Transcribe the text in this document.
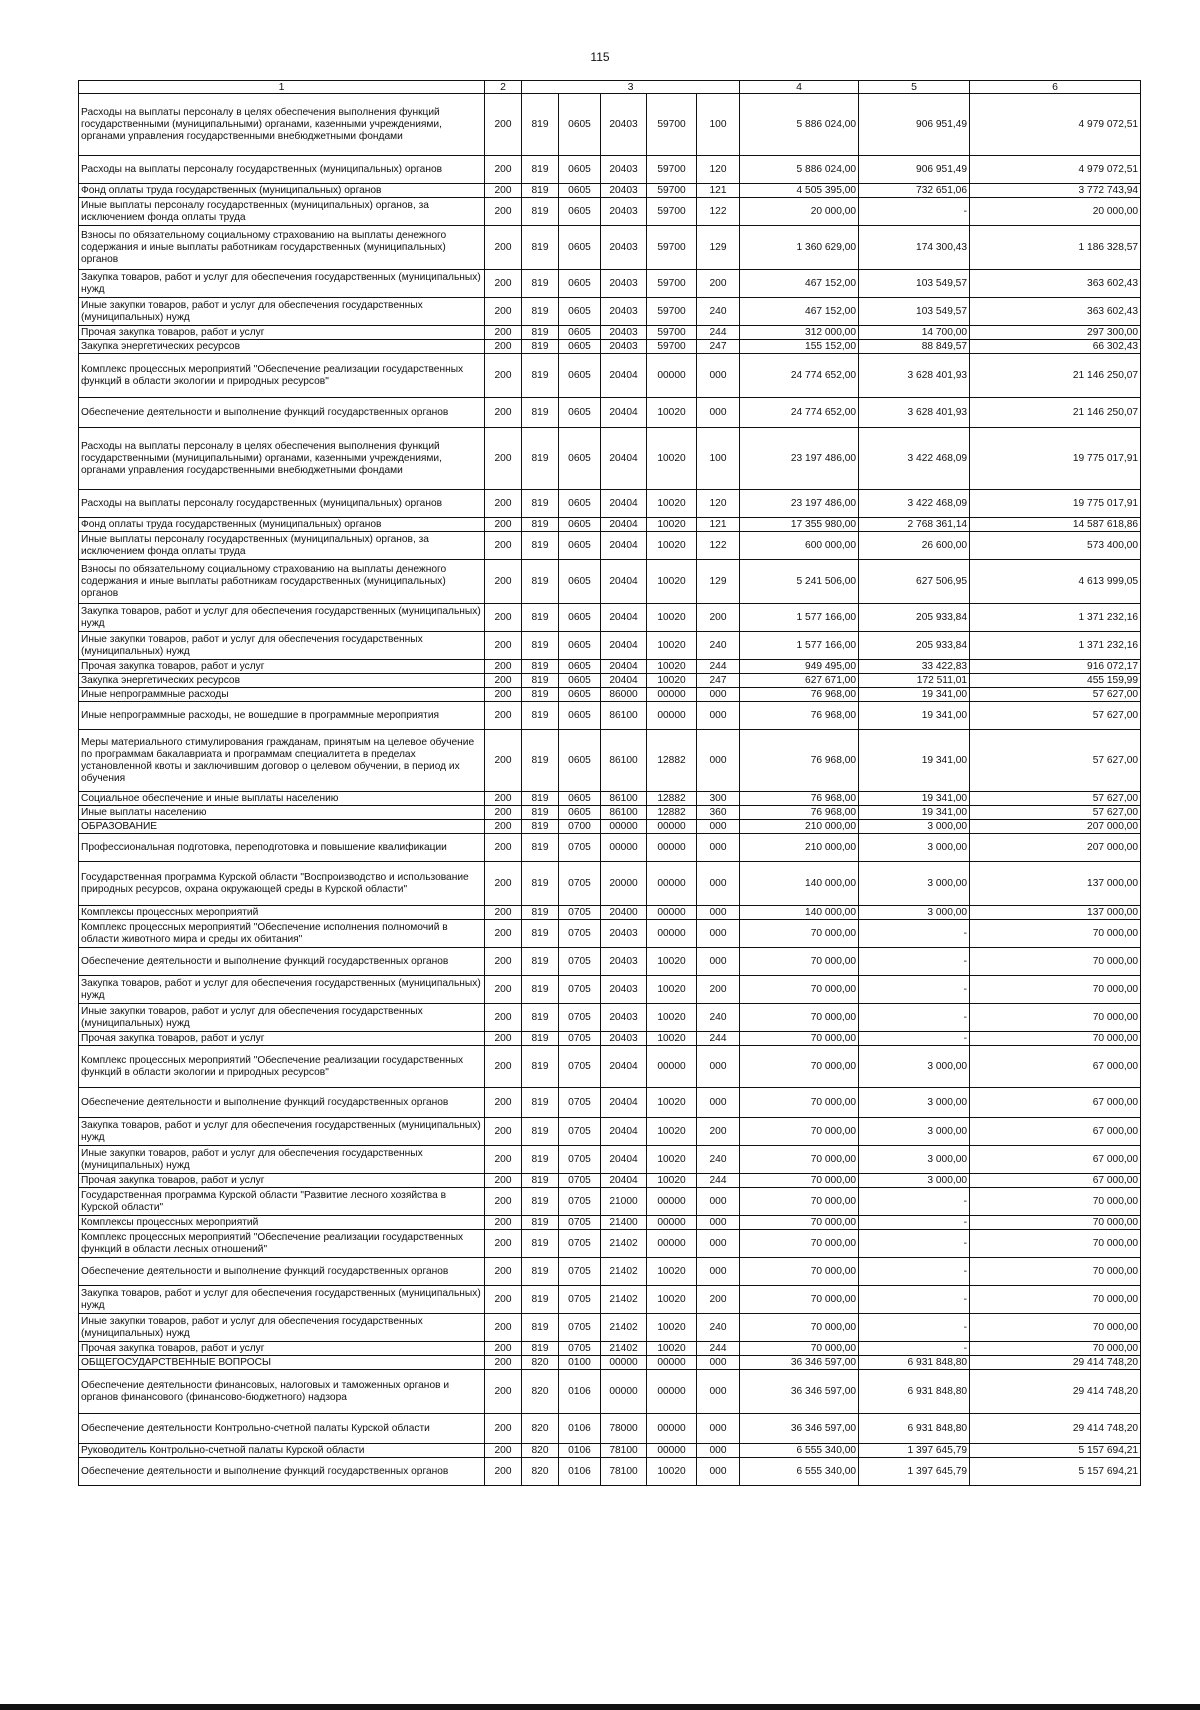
115
1	2	3					4	5	6
Расходы на выплаты персоналу в целях обеспечения выполнения функций государственными (муниципальными) органами, казенными учреждениями, органами управления государственными внебюджетными фондами	200	819	0605	20403	59700	100	5 886 024,00	906 951,49	4 979 072,51
Расходы на выплаты персоналу государственных (муниципальных) органов	200	819	0605	20403	59700	120	5 886 024,00	906 951,49	4 979 072,51
Фонд оплаты труда государственных (муниципальных) органов	200	819	0605	20403	59700	121	4 505 395,00	732 651,06	3 772 743,94
Иные выплаты персоналу государственных (муниципальных) органов, за исключением фонда оплаты труда	200	819	0605	20403	59700	122	20 000,00	-	20 000,00
Взносы по обязательному социальному страхованию на выплаты денежного содержания и иные выплаты работникам государственных (муниципальных) органов	200	819	0605	20403	59700	129	1 360 629,00	174 300,43	1 186 328,57
Закупка товаров, работ и услуг для обеспечения государственных (муниципальных) нужд	200	819	0605	20403	59700	200	467 152,00	103 549,57	363 602,43
Иные закупки товаров, работ и услуг для обеспечения государственных (муниципальных) нужд	200	819	0605	20403	59700	240	467 152,00	103 549,57	363 602,43
Прочая закупка товаров, работ и услуг	200	819	0605	20403	59700	244	312 000,00	14 700,00	297 300,00
Закупка энергетических ресурсов	200	819	0605	20403	59700	247	155 152,00	88 849,57	66 302,43
Комплекс процессных мероприятий "Обеспечение реализации государственных функций в области экологии и природных ресурсов"	200	819	0605	20404	00000	000	24 774 652,00	3 628 401,93	21 146 250,07
Обеспечение деятельности и выполнение функций государственных органов	200	819	0605	20404	10020	000	24 774 652,00	3 628 401,93	21 146 250,07
Расходы на выплаты персоналу в целях обеспечения выполнения функций государственными (муниципальными) органами, казенными учреждениями, органами управления государственными внебюджетными фондами	200	819	0605	20404	10020	100	23 197 486,00	3 422 468,09	19 775 017,91
Расходы на выплаты персоналу государственных (муниципальных) органов	200	819	0605	20404	10020	120	23 197 486,00	3 422 468,09	19 775 017,91
Фонд оплаты труда государственных (муниципальных) органов	200	819	0605	20404	10020	121	17 355 980,00	2 768 361,14	14 587 618,86
Иные выплаты персоналу государственных (муниципальных) органов, за исключением фонда оплаты труда	200	819	0605	20404	10020	122	600 000,00	26 600,00	573 400,00
Взносы по обязательному социальному страхованию на выплаты денежного содержания и иные выплаты работникам государственных (муниципальных) органов	200	819	0605	20404	10020	129	5 241 506,00	627 506,95	4 613 999,05
Закупка товаров, работ и услуг для обеспечения государственных (муниципальных) нужд	200	819	0605	20404	10020	200	1 577 166,00	205 933,84	1 371 232,16
Иные закупки товаров, работ и услуг для обеспечения государственных (муниципальных) нужд	200	819	0605	20404	10020	240	1 577 166,00	205 933,84	1 371 232,16
Прочая закупка товаров, работ и услуг	200	819	0605	20404	10020	244	949 495,00	33 422,83	916 072,17
Закупка энергетических ресурсов	200	819	0605	20404	10020	247	627 671,00	172 511,01	455 159,99
Иные непрограммные расходы	200	819	0605	86000	00000	000	76 968,00	19 341,00	57 627,00
Иные непрограммные расходы, не вошедшие в программные мероприятия	200	819	0605	86100	00000	000	76 968,00	19 341,00	57 627,00
Меры материального стимулирования гражданам, принятым на целевое обучение по программам бакалавриата и программам специалитета в пределах установленной квоты и заключившим договор о целевом обучении, в период их обучения	200	819	0605	86100	12882	000	76 968,00	19 341,00	57 627,00
Социальное обеспечение и иные выплаты населению	200	819	0605	86100	12882	300	76 968,00	19 341,00	57 627,00
Иные выплаты населению	200	819	0605	86100	12882	360	76 968,00	19 341,00	57 627,00
ОБРАЗОВАНИЕ	200	819	0700	00000	00000	000	210 000,00	3 000,00	207 000,00
Профессиональная подготовка, переподготовка и повышение квалификации	200	819	0705	00000	00000	000	210 000,00	3 000,00	207 000,00
Государственная программа Курской области "Воспроизводство и использование природных ресурсов, охрана окружающей среды в Курской области"	200	819	0705	20000	00000	000	140 000,00	3 000,00	137 000,00
Комплексы процессных мероприятий	200	819	0705	20400	00000	000	140 000,00	3 000,00	137 000,00
Комплекс процессных мероприятий "Обеспечение исполнения полномочий в области животного мира и среды их обитания"	200	819	0705	20403	00000	000	70 000,00	-	70 000,00
Обеспечение деятельности и выполнение функций государственных органов	200	819	0705	20403	10020	000	70 000,00	-	70 000,00
Закупка товаров, работ и услуг для обеспечения государственных (муниципальных) нужд	200	819	0705	20403	10020	200	70 000,00	-	70 000,00
Иные закупки товаров, работ и услуг для обеспечения государственных (муниципальных) нужд	200	819	0705	20403	10020	240	70 000,00	-	70 000,00
Прочая закупка товаров, работ и услуг	200	819	0705	20403	10020	244	70 000,00	-	70 000,00
Комплекс процессных мероприятий "Обеспечение реализации государственных функций в области экологии и природных ресурсов"	200	819	0705	20404	00000	000	70 000,00	3 000,00	67 000,00
Обеспечение деятельности и выполнение функций государственных органов	200	819	0705	20404	10020	000	70 000,00	3 000,00	67 000,00
Закупка товаров, работ и услуг для обеспечения государственных (муниципальных) нужд	200	819	0705	20404	10020	200	70 000,00	3 000,00	67 000,00
Иные закупки товаров, работ и услуг для обеспечения государственных (муниципальных) нужд	200	819	0705	20404	10020	240	70 000,00	3 000,00	67 000,00
Прочая закупка товаров, работ и услуг	200	819	0705	20404	10020	244	70 000,00	3 000,00	67 000,00
Государственная программа Курской области "Развитие лесного хозяйства в Курской области"	200	819	0705	21000	00000	000	70 000,00	-	70 000,00
Комплексы процессных мероприятий	200	819	0705	21400	00000	000	70 000,00	-	70 000,00
Комплекс процессных мероприятий "Обеспечение реализации государственных функций в области лесных отношений"	200	819	0705	21402	00000	000	70 000,00	-	70 000,00
Обеспечение деятельности и выполнение функций государственных органов	200	819	0705	21402	10020	000	70 000,00	-	70 000,00
Закупка товаров, работ и услуг для обеспечения государственных (муниципальных) нужд	200	819	0705	21402	10020	200	70 000,00	-	70 000,00
Иные закупки товаров, работ и услуг для обеспечения государственных (муниципальных) нужд	200	819	0705	21402	10020	240	70 000,00	-	70 000,00
Прочая закупка товаров, работ и услуг	200	819	0705	21402	10020	244	70 000,00	-	70 000,00
ОБЩЕГОСУДАРСТВЕННЫЕ ВОПРОСЫ	200	820	0100	00000	00000	000	36 346 597,00	6 931 848,80	29 414 748,20
Обеспечение деятельности финансовых, налоговых и таможенных органов и органов финансового (финансово-бюджетного) надзора	200	820	0106	00000	00000	000	36 346 597,00	6 931 848,80	29 414 748,20
Обеспечение деятельности Контрольно-счетной палаты Курской области	200	820	0106	78000	00000	000	36 346 597,00	6 931 848,80	29 414 748,20
Руководитель Контрольно-счетной палаты Курской области	200	820	0106	78100	00000	000	6 555 340,00	1 397 645,79	5 157 694,21
Обеспечение деятельности и выполнение функций государственных органов	200	820	0106	78100	10020	000	6 555 340,00	1 397 645,79	5 157 694,21
